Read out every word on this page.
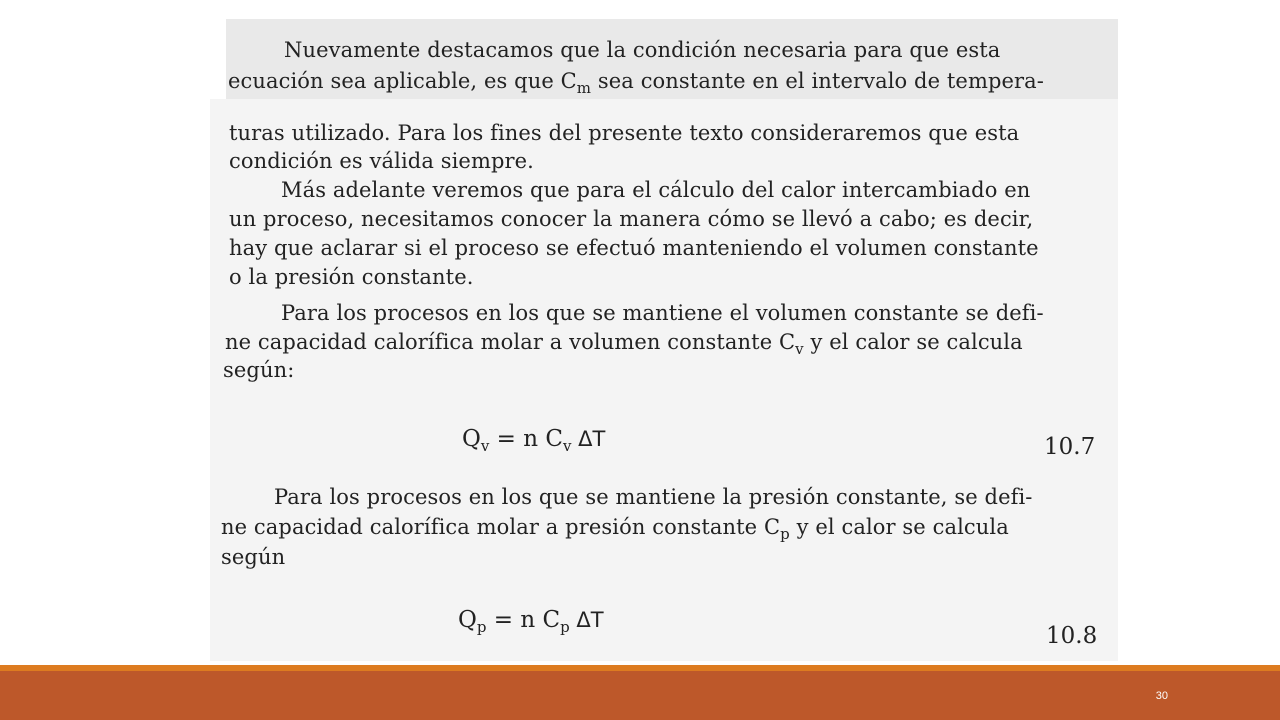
Nuevamente destacamos que la condición necesaria para que esta

ecuación sea aplicable, es que $C_m$ sea constante en el intervalo de tempera-

turas utilizado. Para los fines del presente texto consideraremos que esta

condición es válida siempre.

Más adelante veremos que para el cálculo del calor intercambiado en

un proceso, necesitamos conocer la manera cómo se llevó a cabo; es decir,

hay que aclarar si el proceso se efectuó manteniendo el volumen constante

o la presión constante.

Para los procesos en los que se mantiene el volumen constante se defi-

ne capacidad calorífica molar a volumen constante $C_v$ y el calor se calcula

según:

$Q_v = n$ $C_v$ ΔT	10.7

Para los procesos en los que se mantiene la presión constante, se defi-

ne capacidad calorífica molar a presión constante $C_p$ y el calor se calcula

según

$Q_p = n$ $C_p$ ΔT

10.8

30
